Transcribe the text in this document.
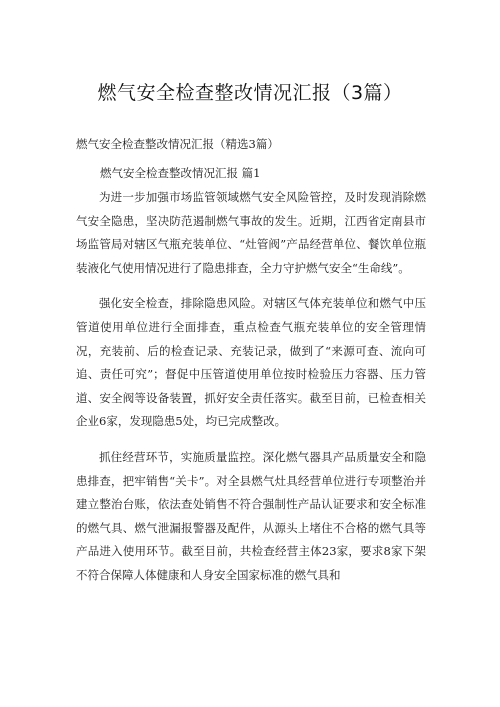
燃气安全检查整改情况汇报（3篇）

燃气安全检查整改情况汇报（精选3篇）

燃气安全检查整改情况汇报 篇1

为进一步加强市场监管领域燃气安全风险管控，及时发现消除燃气安全隐患，坚决防范遏制燃气事故的发生。近期，江西省定南县市场监管局对辖区气瓶充装单位、“灶管阀”产品经营单位、餐饮单位瓶装液化气使用情况进行了隐患排查，全力守护燃气安全“生命线”。

强化安全检查，排除隐患风险。对辖区气体充装单位和燃气中压管道使用单位进行全面排查，重点检查气瓶充装单位的安全管理情况，充装前、后的检查记录、充装记录，做到了“来源可查、流向可追、责任可究”；督促中压管道使用单位按时检验压力容器、压力管道、安全阀等设备装置，抓好安全责任落实。截至目前，已检查相关企业6家，发现隐患5处，均已完成整改。

抓住经营环节，实施质量监控。深化燃气器具产品质量安全和隐患排查，把牢销售“关卡”。对全县燃气灶具经营单位进行专项整治并建立整治台账，依法查处销售不符合强制性产品认证要求和安全标准的燃气具、燃气泄漏报警器及配件，从源头上堵住不合格的燃气具等产品进入使用环节。截至目前，共检查经营主体23家，要求8家下架不符合保障人体健康和人身安全国家标准的燃气具和
